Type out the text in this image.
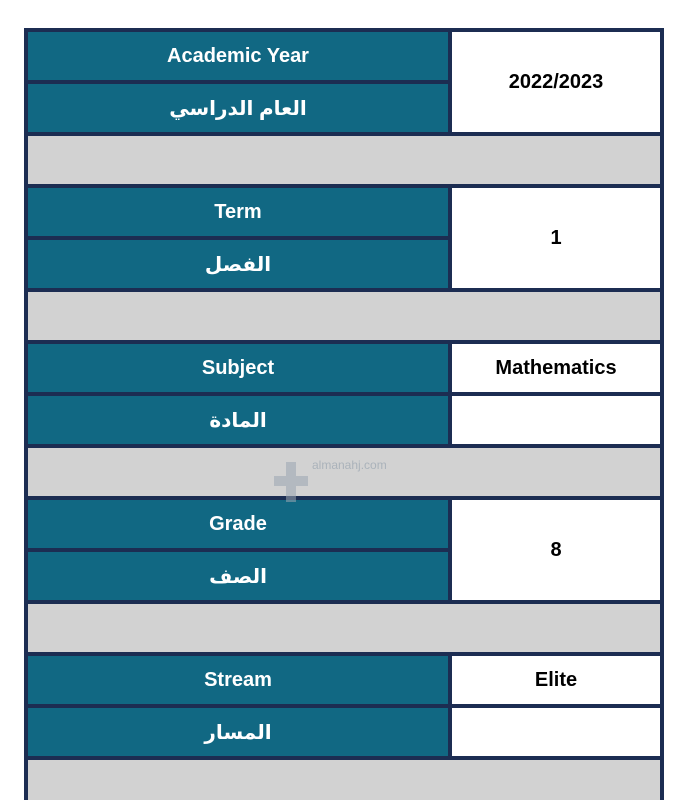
Academic Year
العام الدراسي
2022/2023
Term
الفصل
1
Subject	Mathematics
المادة
Grade
الصف
8
Stream	Elite
المسار
almanahj.com
